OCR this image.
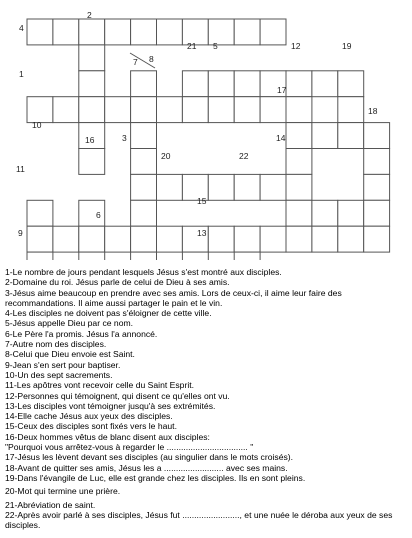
2
4
1
7 8
21 5	12	19
17
18
10
16	3	14
20	22
11
15
6
9	13

1-Le nombre de jours pendant lesquels Jésus s'est montré aux disciples.

2-Domaine du roi. Jésus parle de celui de Dieu à ses amis.

3-Jésus aime beaucoup en prendre avec ses amis. Lors de ceux-ci, il aime leur faire des recommandations. Il aime aussi partager le pain et le vin.

4-Les disciples ne doivent pas s'éloigner de cette ville.

5-Jésus appelle Dieu par ce nom.

6-Le Père l'a promis. Jésus l'a annoncé.

7-Autre nom des disciples.

8-Celui que Dieu envoie est Saint.

9-Jean s'en sert pour baptiser.

10-Un des sept sacrements.

11-Les apôtres vont recevoir celle du Saint Esprit.

12-Personnes qui témoignent, qui disent ce qu'elles ont vu.

13-Les disciples vont témoigner jusqu'à ses extrémités.

14-Elle cache Jésus aux yeux des disciples.

15-Ceux des disciples sont fixés vers le haut.

16-Deux hommes vêtus de blanc disent aux disciples:

"Pourquoi vous arrêtez-vous à regarder le .................................. "

17-Jésus les lèvent devant ses disciples (au singulier dans le mots croisés).

18-Avant de quitter ses amis, Jésus les a ......................... avec ses mains.

19-Dans l'évangile de Luc, elle est grande chez les disciples. Ils en sont pleins.

20-Mot qui termine une prière.

21-Abréviation de saint.

22-Après avoir parlé à ses disciples, Jésus fut ........................, et une nuée le déroba aux yeux de ses disciples.
